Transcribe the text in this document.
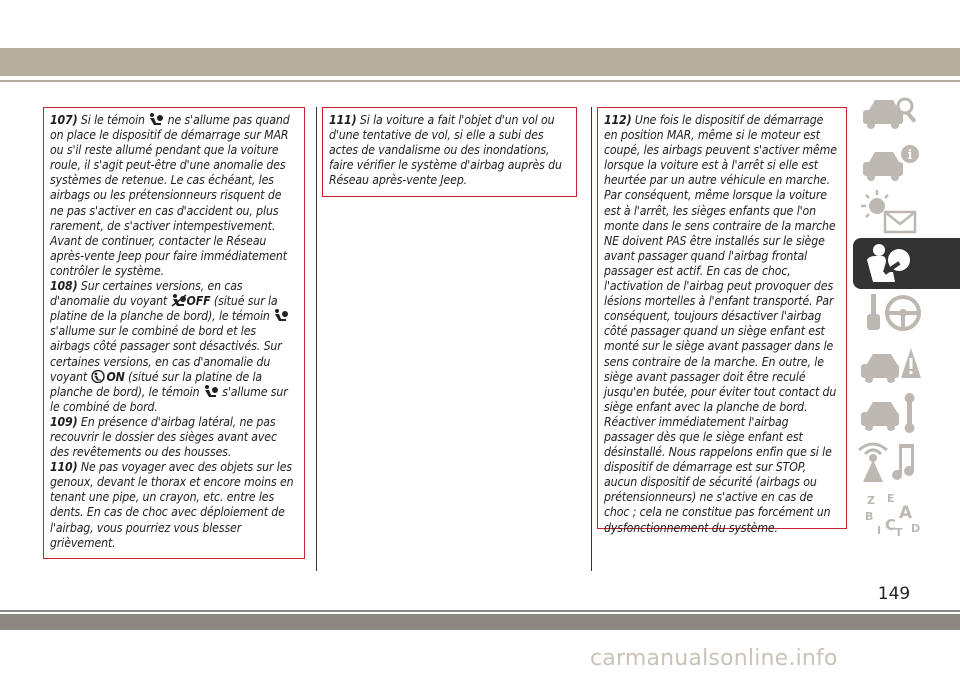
107) Si le témoin ne s'allume pas quand on place le dispositif de démarrage sur MAR ou s'il reste allumé pendant que la voiture roule, il s'agit peut-être d'une anomalie des systèmes de retenue. Le cas échéant, les airbags ou les prétensionneurs risquent de ne pas s'activer en cas d'accident ou, plus rarement, de s'activer intempestivement. Avant de continuer, contacter le Réseau après-vente Jeep pour faire immédiatement contrôler le système.

108) Sur certaines versions, en cas d'anomalie du voyant OFF (situé sur la platine de la planche de bord), le témoin  s'allume sur le combiné de bord et les airbags côté passager sont désactivés. Sur certaines versions, en cas d'anomalie du voyant ON (situé sur la platine de la planche de bord), le témoin s'allume sur le combiné de bord.

109) En présence d'airbag latéral, ne pas recouvrir le dossier des sièges avant avec des revêtements ou des housses.

110) Ne pas voyager avec des objets sur les genoux, devant le thorax et encore moins en tenant une pipe, un crayon, etc. entre les dents. En cas de choc avec déploiement de l'airbag, vous pourriez vous blesser grièvement.

111) Si la voiture a fait l'objet d'un vol ou d'une tentative de vol, si elle a subi des actes de vandalisme ou des inondations, faire vérifier le système d'airbag auprès du Réseau après-vente Jeep.

112) Une fois le dispositif de démarrage en position MAR, même si le moteur est coupé, les airbags peuvent s'activer même lorsque la voiture est à l'arrêt si elle est heurtée par un autre véhicule en marche. Par conséquent, même lorsque la voiture est à l'arrêt, les sièges enfants que l'on monte dans le sens contraire de la marche NE doivent PAS être installés sur le siège avant passager quand l'airbag frontal passager est actif. En cas de choc, l'activation de l'airbag peut provoquer des lésions mortelles à l'enfant transporté. Par conséquent, toujours désactiver l'airbag côté passager quand un siège enfant est monté sur le siège avant passager dans le sens contraire de la marche. En outre, le siège avant passager doit être reculé jusqu'en butée, pour éviter tout contact du siège enfant avec la planche de bord. Réactiver immédiatement l'airbag passager dès que le siège enfant est désinstallé. Nous rappelons enfin que si le dispositif de démarrage est sur STOP, aucun dispositif de sécurité (airbags ou prétensionneurs) ne s'active en cas de choc ; cela ne constitue pas forcément un dysfonctionnement du système.

i
Z E
A
B
I C
T D
149
carmanualsonline.info
